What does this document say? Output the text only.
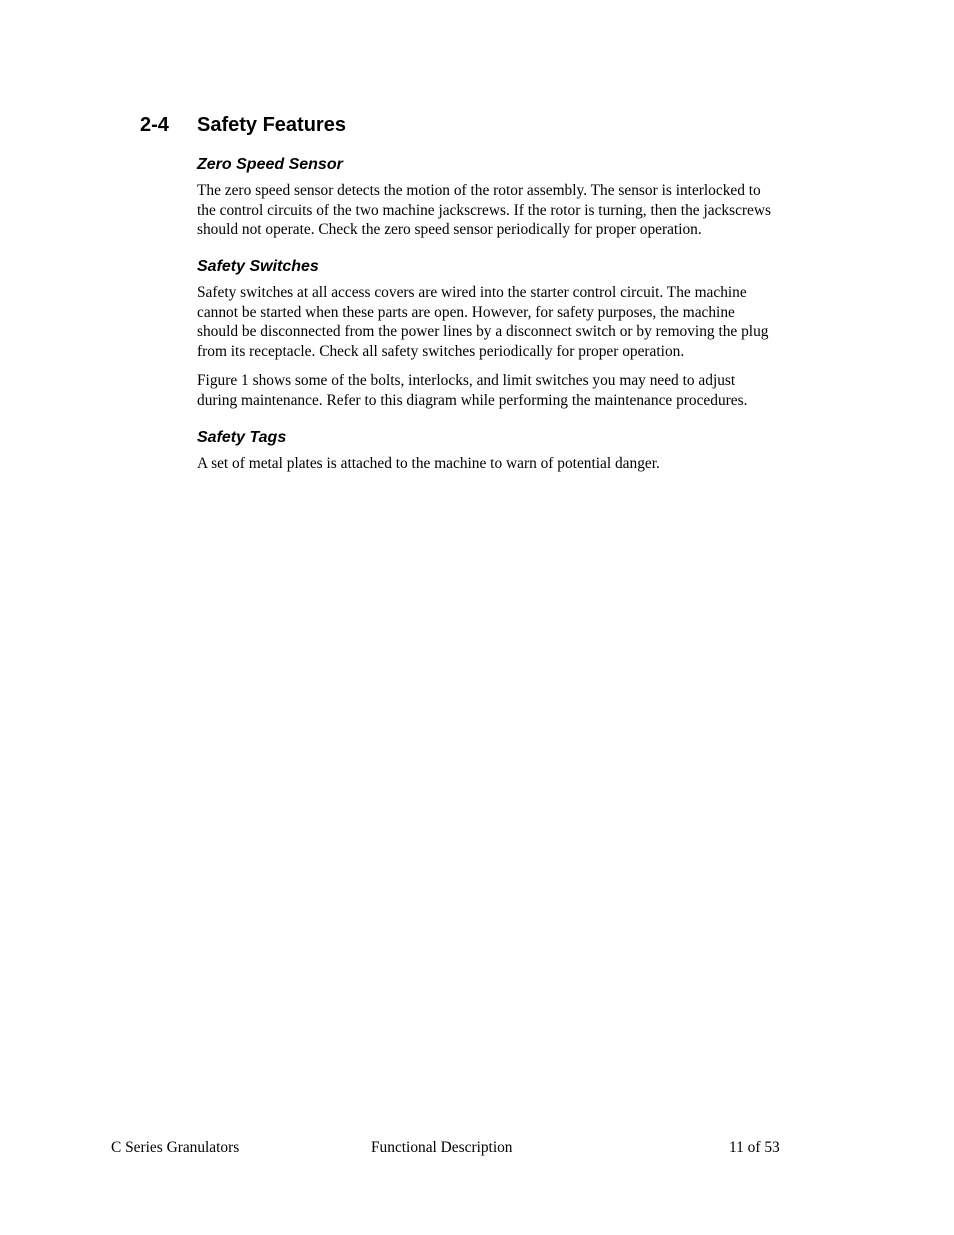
2-4 Safety Features
Zero Speed Sensor

The zero speed sensor detects the motion of the rotor assembly. The sensor is interlocked to
the control circuits of the two machine jackscrews. If the rotor is turning, then the jackscrews
should not operate. Check the zero speed sensor periodically for proper operation.

Safety Switches

Safety switches at all access covers are wired into the starter control circuit. The machine
cannot be started when these parts are open. However, for safety purposes, the machine
should be disconnected from the power lines by a disconnect switch or by removing the plug
from its receptacle. Check all safety switches periodically for proper operation.

Figure 1 shows some of the bolts, interlocks, and limit switches you may need to adjust
during maintenance. Refer to this diagram while performing the maintenance procedures.

Safety Tags

A set of metal plates is attached to the machine to warn of potential danger.

C Series Granulators	Functional Description	11 of 53
